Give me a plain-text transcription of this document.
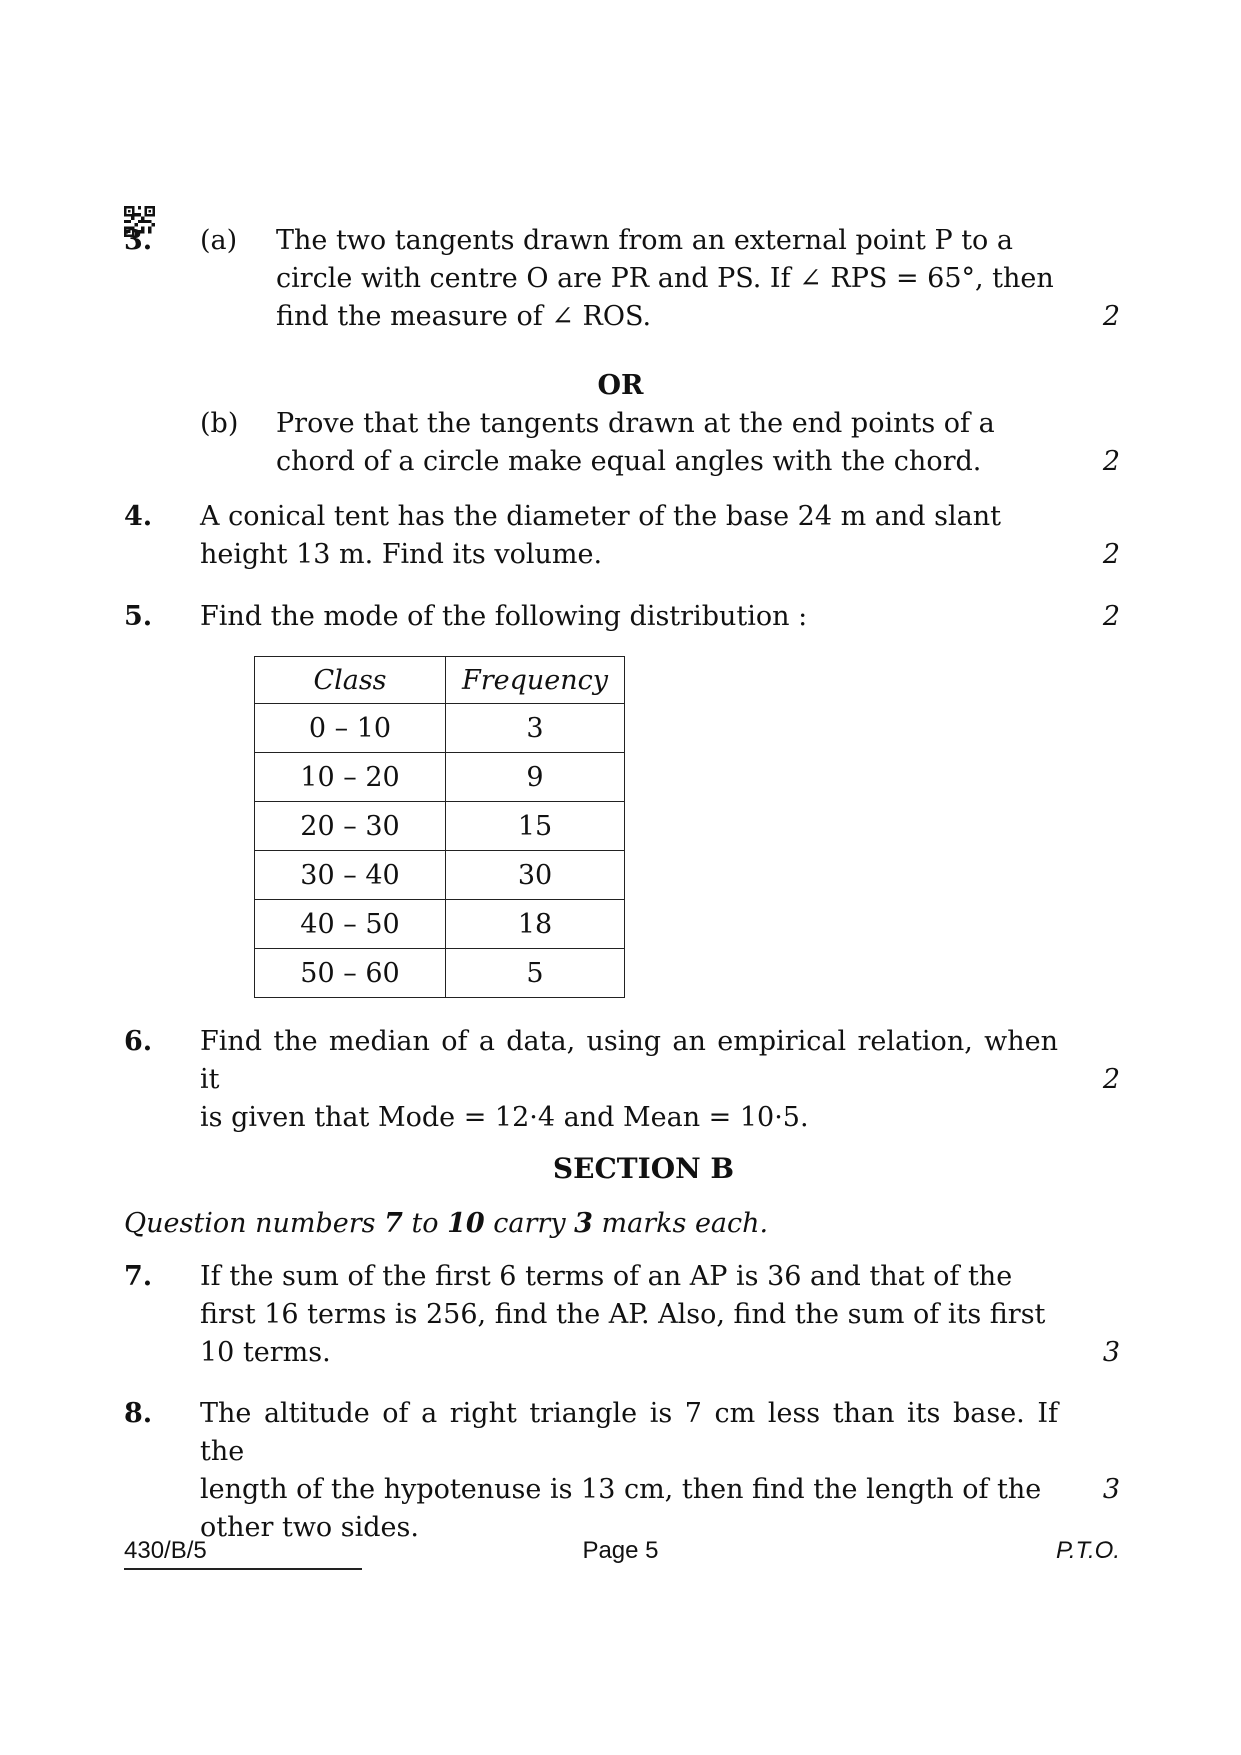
3. (a) The two tangents drawn from an external point P to a
circle with centre O are PR and PS. If ∠ RPS = 65°, then
find the measure of ∠ ROS.	2
OR
(b) Prove that the tangents drawn at the end points of a
chord of a circle make equal angles with the chord.	2
4. A conical tent has the diameter of the base 24 m and slant
height 13 m. Find its volume.	2
5. Find the mode of the following distribution :	2
Class	Frequency
0 – 10	3
10 – 20	9
20 – 30	15
30 – 40	30
40 – 50	18
50 – 60	5
6. Find the median of a data, using an empirical relation, when it
is given that Mode = 12·4 and Mean = 10·5.
2
SECTION B
Question numbers 7 to 10 carry 3 marks each.
7. If the sum of the first 6 terms of an AP is 36 and that of the
first 16 terms is 256, find the AP. Also, find the sum of its first
10 terms.	3
8. The altitude of a right triangle is 7 cm less than its base. If the
length of the hypotenuse is 13 cm, then find the length of the
other two sides.
3
430/B/5	Page 5	P.T.O.
